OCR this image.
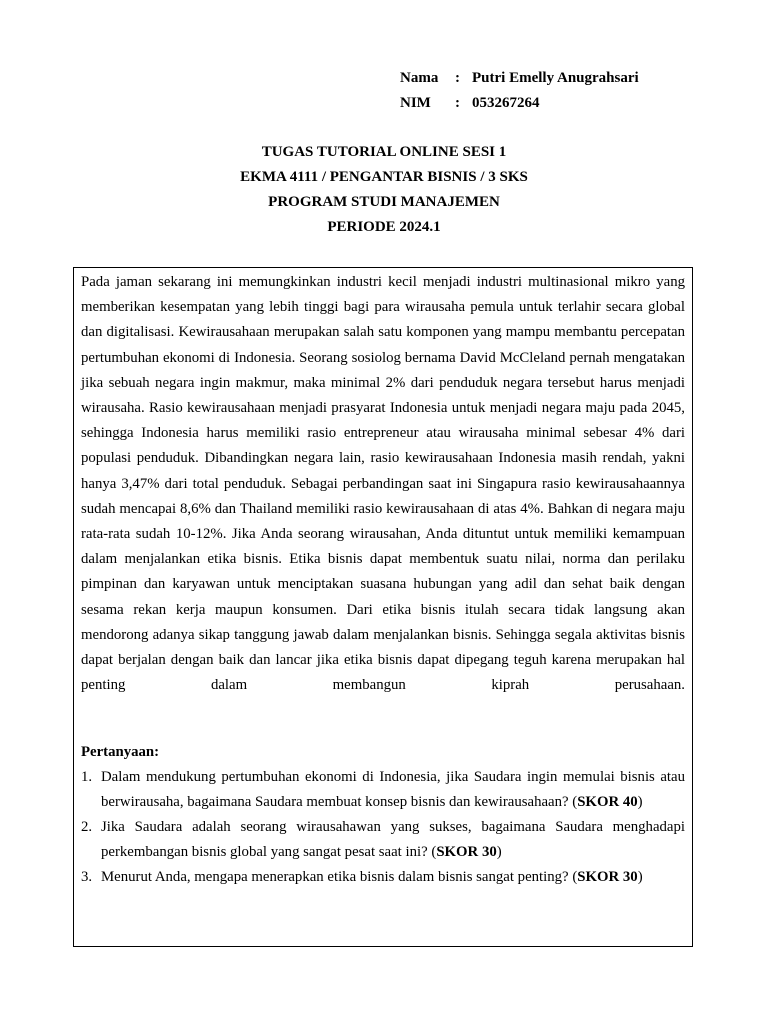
Nama	: Putri Emelly Anugrahsari
NIM	: 053267264
TUGAS TUTORIAL ONLINE SESI 1
EKMA 4111 / PENGANTAR BISNIS / 3 SKS
PROGRAM STUDI MANAJEMEN
PERIODE 2024.1

Pada jaman sekarang ini memungkinkan industri kecil menjadi industri multinasional mikro yang memberikan kesempatan yang lebih tinggi bagi para wirausaha pemula untuk terlahir secara global dan digitalisasi. Kewirausahaan merupakan salah satu komponen yang mampu membantu percepatan pertumbuhan ekonomi di Indonesia. Seorang sosiolog bernama David McCleland pernah mengatakan jika sebuah negara ingin makmur, maka minimal 2% dari penduduk negara tersebut harus menjadi wirausaha. Rasio kewirausahaan menjadi prasyarat Indonesia untuk menjadi negara maju pada 2045, sehingga Indonesia harus memiliki rasio entrepreneur atau wirausaha minimal sebesar 4% dari populasi penduduk. Dibandingkan negara lain, rasio kewirausahaan Indonesia masih rendah, yakni hanya 3,47% dari total penduduk. Sebagai perbandingan saat ini Singapura rasio kewirausahaannya sudah mencapai 8,6% dan Thailand memiliki rasio kewirausahaan di atas 4%. Bahkan di negara maju rata-rata sudah 10-12%. Jika Anda seorang wirausahan, Anda dituntut untuk memiliki kemampuan dalam menjalankan etika bisnis. Etika bisnis dapat membentuk suatu nilai, norma dan perilaku pimpinan dan karyawan untuk menciptakan suasana hubungan yang adil dan sehat baik dengan sesama rekan kerja maupun konsumen. Dari etika bisnis itulah secara tidak langsung akan mendorong adanya sikap tanggung jawab dalam menjalankan bisnis. Sehingga segala aktivitas bisnis dapat berjalan dengan baik dan lancar jika etika bisnis dapat dipegang teguh karena merupakan hal penting dalam membangun kiprah perusahaan.

Pertanyaan:
1. Dalam mendukung pertumbuhan ekonomi di Indonesia, jika Saudara ingin memulai bisnis atau berwirausaha, bagaimana Saudara membuat konsep bisnis dan kewirausahaan? (SKOR 40)
2. Jika Saudara adalah seorang wirausahawan yang sukses, bagaimana Saudara menghadapi perkembangan bisnis global yang sangat pesat saat ini? (SKOR 30)
3. Menurut Anda, mengapa menerapkan etika bisnis dalam bisnis sangat penting? (SKOR 30)
